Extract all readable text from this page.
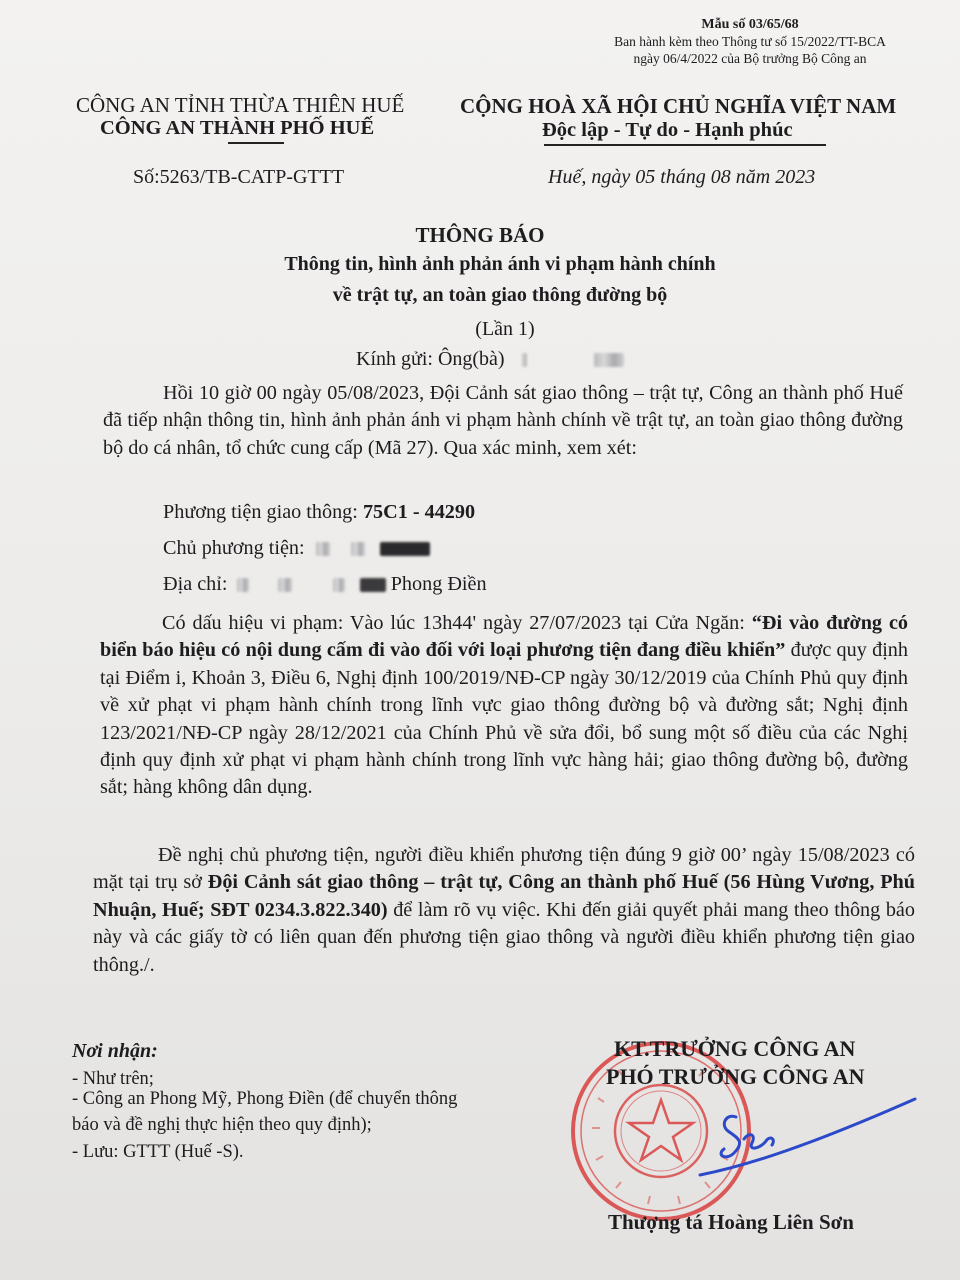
Mẫu số 03/65/68
Ban hành kèm theo Thông tư số 15/2022/TT-BCA
ngày 06/4/2022 của Bộ trưởng Bộ Công an
CÔNG AN TỈNH THỪA THIÊN HUẾ
CÔNG AN THÀNH PHỐ HUẾ
Số:5263/TB-CATP-GTTT
CỘNG HOÀ XÃ HỘI CHỦ NGHĨA VIỆT NAM
Độc lập - Tự do - Hạnh phúc
Huế, ngày 05 tháng 08 năm 2023
THÔNG BÁO
Thông tin, hình ảnh phản ánh vi phạm hành chính
về trật tự, an toàn giao thông đường bộ
(Lần 1)
Kính gửi: Ông(bà)
Hồi 10 giờ 00 ngày 05/08/2023, Đội Cảnh sát giao thông – trật tự, Công an thành phố Huế đã tiếp nhận thông tin, hình ảnh phản ánh vi phạm hành chính về trật tự, an toàn giao thông đường bộ do cá nhân, tổ chức cung cấp (Mã 27). Qua xác minh, xem xét:
Phương tiện giao thông: 75C1 - 44290
Chủ phương tiện:
Địa chỉ:	Phong Điền
Có dấu hiệu vi phạm: Vào lúc 13h44' ngày 27/07/2023 tại Cửa Ngăn: “Đi vào đường có biển báo hiệu có nội dung cấm đi vào đối với loại phương tiện đang điều khiển” được quy định tại Điểm i, Khoản 3, Điều 6, Nghị định 100/2019/NĐ-CP ngày 30/12/2019 của Chính Phủ quy định về xử phạt vi phạm hành chính trong lĩnh vực giao thông đường bộ và đường sắt; Nghị định 123/2021/NĐ-CP ngày 28/12/2021 của Chính Phủ về sửa đổi, bổ sung một số điều của các Nghị định quy định xử phạt vi phạm hành chính trong lĩnh vực hàng hải; giao thông đường bộ, đường sắt; hàng không dân dụng.
Đề nghị chủ phương tiện, người điều khiển phương tiện đúng 9 giờ 00’ ngày 15/08/2023 có mặt tại trụ sở Đội Cảnh sát giao thông – trật tự, Công an thành phố Huế (56 Hùng Vương, Phú Nhuận, Huế; SĐT 0234.3.822.340) để làm rõ vụ việc. Khi đến giải quyết phải mang theo thông báo này và các giấy tờ có liên quan đến phương tiện giao thông và người điều khiển phương tiện giao thông./.
Nơi nhận:
- Như trên;
- Công an Phong Mỹ, Phong Điền (để chuyển thông
báo và đề nghị thực hiện theo quy định);
- Lưu: GTTT (Huế -S).
KT.TRƯỞNG CÔNG AN
PHÓ TRƯỞNG CÔNG AN
Thượng tá Hoàng Liên Sơn
